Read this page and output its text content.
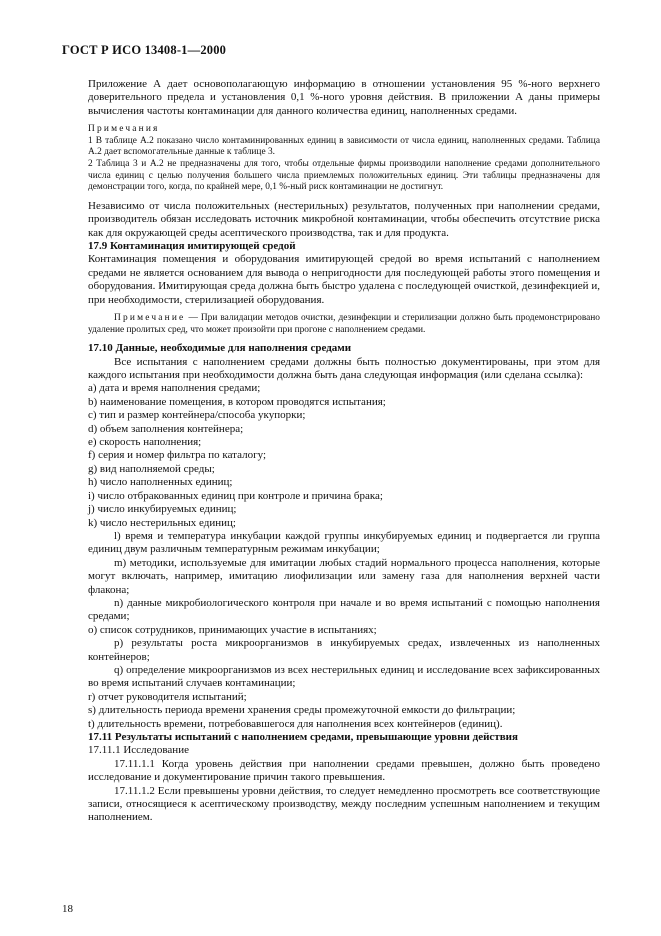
ГОСТ Р ИСО 13408-1—2000

Приложение А дает основополагающую информацию в отношении установления 95 %-ного верхнего доверительного предела и установления 0,1 %-ного уровня действия. В приложении А даны примеры вычисления частоты контаминации для данного количества единиц, наполненных средами.

Примечания

1 В таблице А.2 показано число контаминированных единиц в зависимости от числа единиц, наполненных средами. Таблица А.2 дает вспомогательные данные к таблице 3.

2 Таблица 3 и А.2 не предназначены для того, чтобы отдельные фирмы производили наполнение средами дополнительного числа единиц с целью получения большего числа приемлемых положительных единиц. Эти таблицы предназначены для демонстрации того, когда, по крайней мере, 0,1 %-ный риск контаминации не достигнут.

Независимо от числа положительных (нестерильных) результатов, полученных при наполнении средами, производитель обязан исследовать источник микробной контаминации, чтобы обеспечить отсутствие риска как для окружающей среды асептического производства, так и для продукта.

17.9 Контаминация имитирующей средой

Контаминация помещения и оборудования имитирующей средой во время испытаний с наполнением средами не является основанием для вывода о непригодности для последующей работы этого помещения и оборудования. Имитирующая среда должна быть быстро удалена с последующей очисткой, дезинфекцией и, при необходимости, стерилизацией оборудования.

Примечание — При валидации методов очистки, дезинфекции и стерилизации должно быть продемонстрировано удаление пролитых сред, что может произойти при прогоне с наполнением средами.

17.10 Данные, необходимые для наполнения средами

Все испытания с наполнением средами должны быть полностью документированы, при этом для каждого испытания при необходимости должна быть дана следующая информация (или сделана ссылка):

a) дата и время наполнения средами;

b) наименование помещения, в котором проводятся испытания;

c) тип и размер контейнера/способа укупорки;

d) объем заполнения контейнера;

e) скорость наполнения;

f) серия и номер фильтра по каталогу;

g) вид наполняемой среды;

h) число наполненных единиц;

i) число отбракованных единиц при контроле и причина брака;

j) число инкубируемых единиц;

k) число нестерильных единиц;

l) время и температура инкубации каждой группы инкубируемых единиц и подвергается ли группа единиц двум различным температурным режимам инкубации;

m) методики, используемые для имитации любых стадий нормального процесса наполнения, которые могут включать, например, имитацию лиофилизации или замену газа для наполнения верхней части флакона;

n) данные микробиологического контроля при начале и во время испытаний с помощью наполнения средами;

o) список сотрудников, принимающих участие в испытаниях;

p) результаты роста микроорганизмов в инкубируемых средах, извлеченных из наполненных контейнеров;

q) определение микроорганизмов из всех нестерильных единиц и исследование всех зафиксированных во время испытаний случаев контаминации;

r) отчет руководителя испытаний;

s) длительность периода времени хранения среды промежуточной емкости до фильтрации;

t) длительность времени, потребовавшегося для наполнения всех контейнеров (единиц).

17.11 Результаты испытаний с наполнением средами, превышающие уровни действия

17.11.1 Исследование

17.11.1.1 Когда уровень действия при наполнении средами превышен, должно быть проведено исследование и документирование причин такого превышения.

17.11.1.2 Если превышены уровни действия, то следует немедленно просмотреть все соответствующие записи, относящиеся к асептическому производству, между последним успешным наполнением и текущим наполнением.

18
